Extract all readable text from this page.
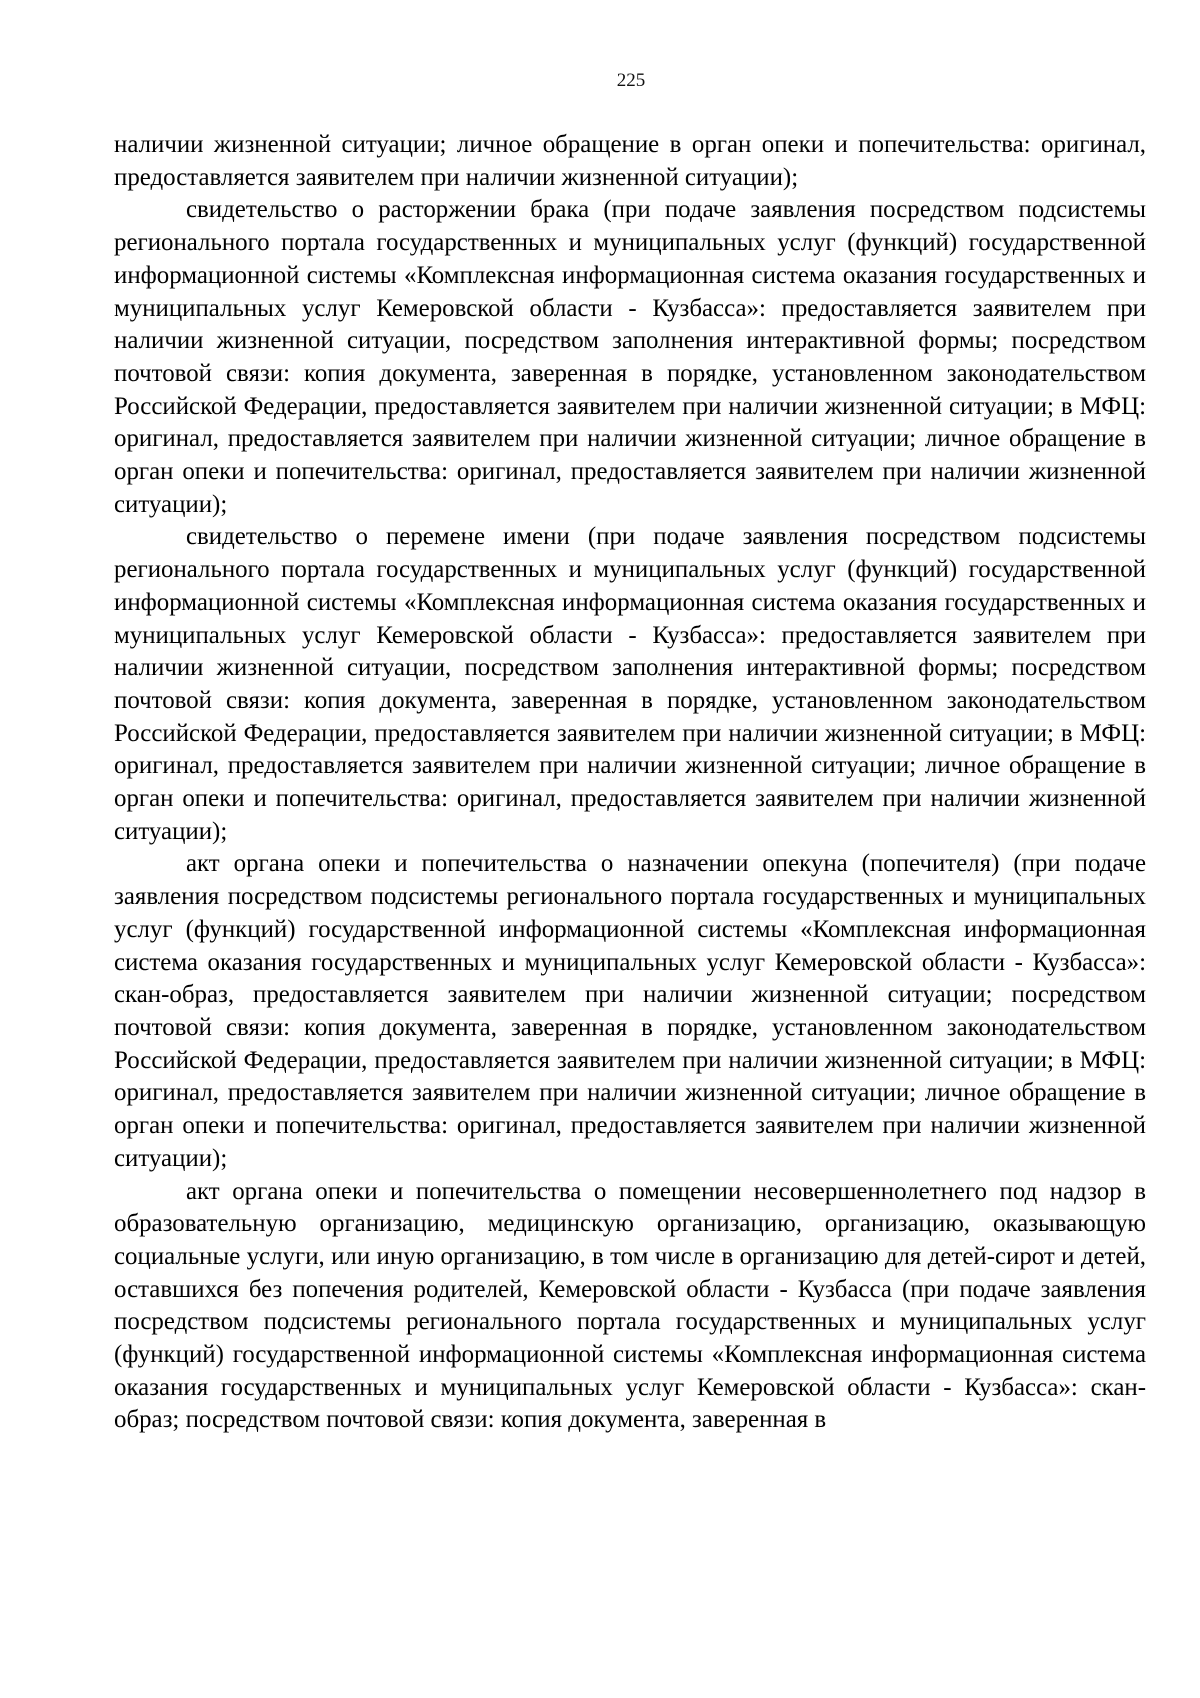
225

наличии жизненной ситуации; личное обращение в орган опеки и попечительства: оригинал, предоставляется заявителем при наличии жизненной ситуации);

свидетельство о расторжении брака (при подаче заявления посредством подсистемы регионального портала государственных и муниципальных услуг (функций) государственной информационной системы «Комплексная информационная система оказания государственных и муниципальных услуг Кемеровской области - Кузбасса»: предоставляется заявителем при наличии жизненной ситуации, посредством заполнения интерактивной формы; посредством почтовой связи: копия документа, заверенная в порядке, установленном законодательством Российской Федерации, предоставляется заявителем при наличии жизненной ситуации; в МФЦ: оригинал, предоставляется заявителем при наличии жизненной ситуации; личное обращение в орган опеки и попечительства: оригинал, предоставляется заявителем при наличии жизненной ситуации);

свидетельство о перемене имени (при подаче заявления посредством подсистемы регионального портала государственных и муниципальных услуг (функций) государственной информационной системы «Комплексная информационная система оказания государственных и муниципальных услуг Кемеровской области - Кузбасса»: предоставляется заявителем при наличии жизненной ситуации, посредством заполнения интерактивной формы; посредством почтовой связи: копия документа, заверенная в порядке, установленном законодательством Российской Федерации, предоставляется заявителем при наличии жизненной ситуации; в МФЦ: оригинал, предоставляется заявителем при наличии жизненной ситуации; личное обращение в орган опеки и попечительства: оригинал, предоставляется заявителем при наличии жизненной ситуации);

акт органа опеки и попечительства о назначении опекуна (попечителя) (при подаче заявления посредством подсистемы регионального портала государственных и муниципальных услуг (функций) государственной информационной системы «Комплексная информационная система оказания государственных и муниципальных услуг Кемеровской области - Кузбасса»: скан-образ, предоставляется заявителем при наличии жизненной ситуации; посредством почтовой связи: копия документа, заверенная в порядке, установленном законодательством Российской Федерации, предоставляется заявителем при наличии жизненной ситуации; в МФЦ: оригинал, предоставляется заявителем при наличии жизненной ситуации; личное обращение в орган опеки и попечительства: оригинал, предоставляется заявителем при наличии жизненной ситуации);

акт органа опеки и попечительства о помещении несовершеннолетнего под надзор в образовательную организацию, медицинскую организацию, организацию, оказывающую социальные услуги, или иную организацию, в том числе в организацию для детей-сирот и детей, оставшихся без попечения родителей, Кемеровской области - Кузбасса (при подаче заявления посредством подсистемы регионального портала государственных и муниципальных услуг (функций) государственной информационной системы «Комплексная информационная система оказания государственных и муниципальных услуг Кемеровской области - Кузбасса»: скан-образ; посредством почтовой связи: копия документа, заверенная в
